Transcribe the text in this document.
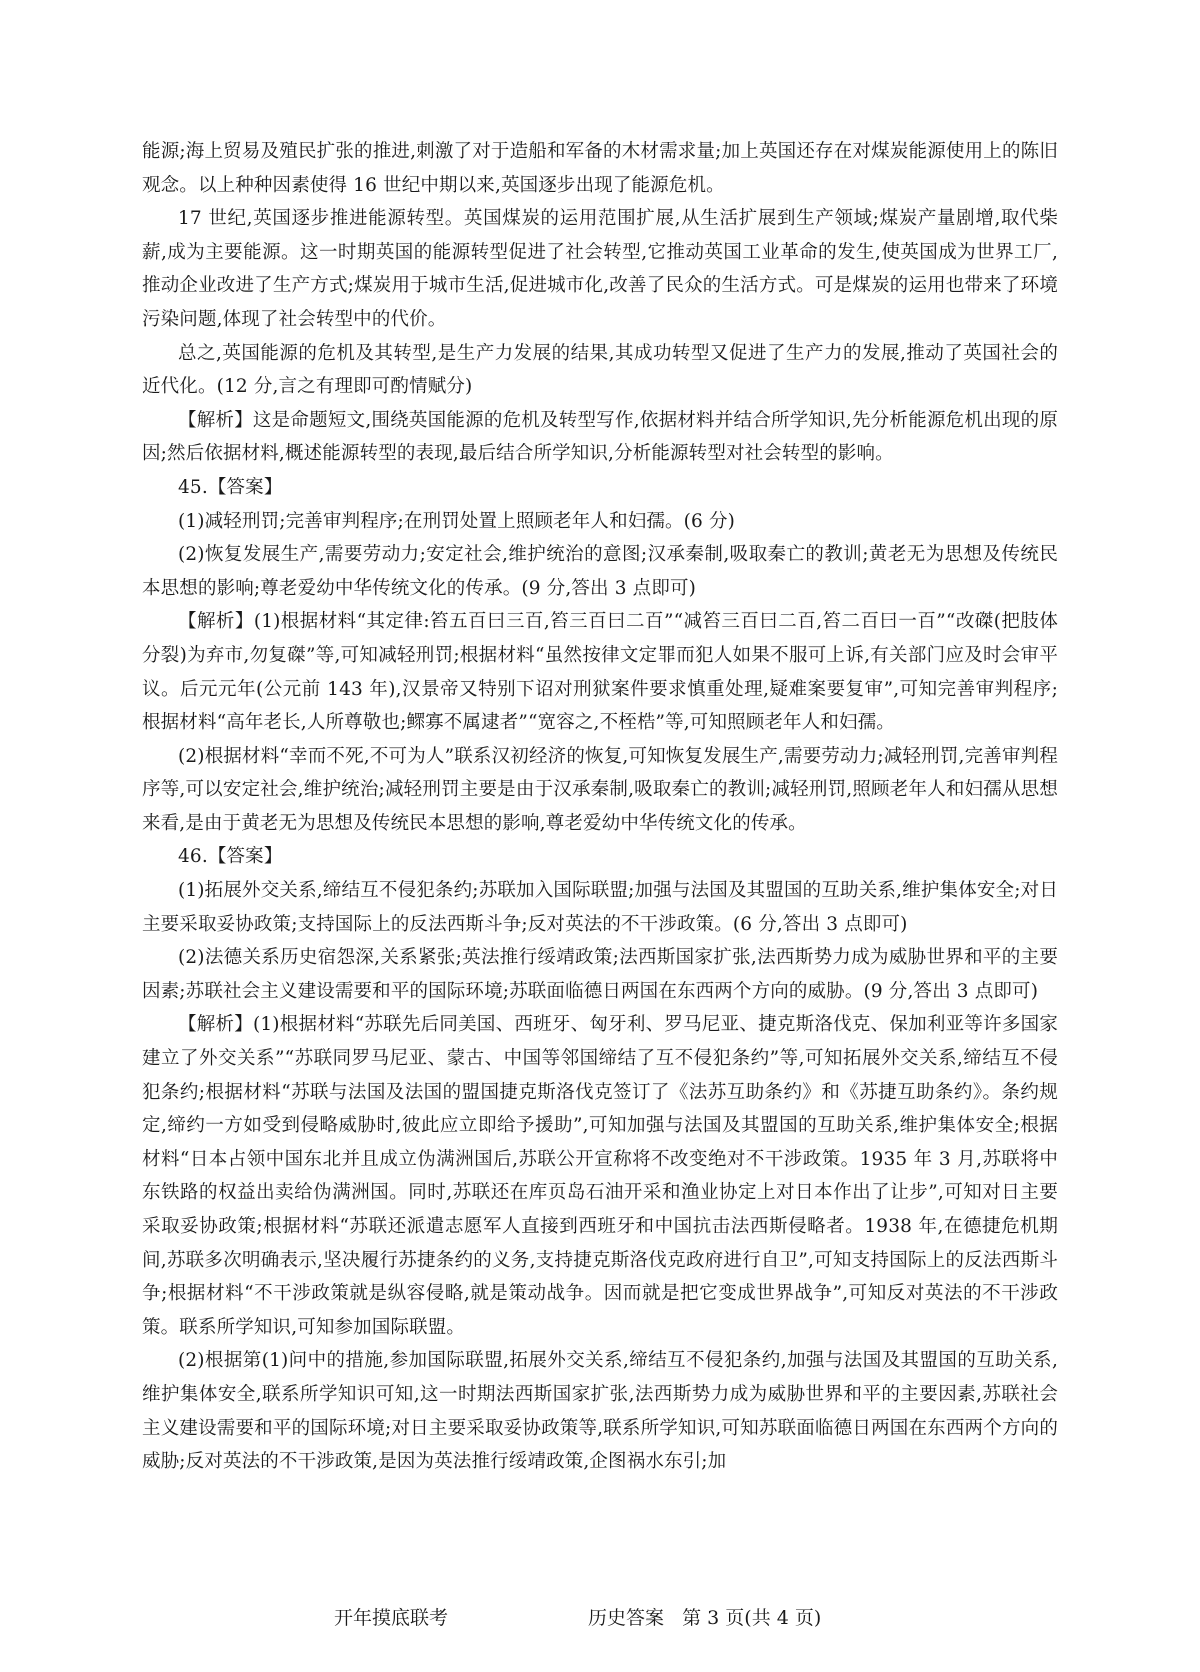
能源;海上贸易及殖民扩张的推进,刺激了对于造船和军备的木材需求量;加上英国还存在对煤炭能源使用上的陈旧观念。以上种种因素使得 16 世纪中期以来,英国逐步出现了能源危机。

17 世纪,英国逐步推进能源转型。英国煤炭的运用范围扩展,从生活扩展到生产领域;煤炭产量剧增,取代柴薪,成为主要能源。这一时期英国的能源转型促进了社会转型,它推动英国工业革命的发生,使英国成为世界工厂,推动企业改进了生产方式;煤炭用于城市生活,促进城市化,改善了民众的生活方式。可是煤炭的运用也带来了环境污染问题,体现了社会转型中的代价。

总之,英国能源的危机及其转型,是生产力发展的结果,其成功转型又促进了生产力的发展,推动了英国社会的近代化。(12 分,言之有理即可酌情赋分)

【解析】这是命题短文,围绕英国能源的危机及转型写作,依据材料并结合所学知识,先分析能源危机出现的原因;然后依据材料,概述能源转型的表现,最后结合所学知识,分析能源转型对社会转型的影响。

45.【答案】

(1)减轻刑罚;完善审判程序;在刑罚处置上照顾老年人和妇孺。(6 分)

(2)恢复发展生产,需要劳动力;安定社会,维护统治的意图;汉承秦制,吸取秦亡的教训;黄老无为思想及传统民本思想的影响;尊老爱幼中华传统文化的传承。(9 分,答出 3 点即可)

【解析】(1)根据材料“其定律:笞五百曰三百,笞三百曰二百”“减笞三百曰二百,笞二百曰一百”“改磔(把肢体分裂)为弃市,勿复磔”等,可知减轻刑罚;根据材料“虽然按律文定罪而犯人如果不服可上诉,有关部门应及时会审平议。后元元年(公元前 143 年),汉景帝又特别下诏对刑狱案件要求慎重处理,疑难案要复审”,可知完善审判程序;根据材料“高年老长,人所尊敬也;鳏寡不属逮者”“宽容之,不桎梏”等,可知照顾老年人和妇孺。

(2)根据材料“幸而不死,不可为人”联系汉初经济的恢复,可知恢复发展生产,需要劳动力;减轻刑罚,完善审判程序等,可以安定社会,维护统治;减轻刑罚主要是由于汉承秦制,吸取秦亡的教训;减轻刑罚,照顾老年人和妇孺从思想来看,是由于黄老无为思想及传统民本思想的影响,尊老爱幼中华传统文化的传承。

46.【答案】

(1)拓展外交关系,缔结互不侵犯条约;苏联加入国际联盟;加强与法国及其盟国的互助关系,维护集体安全;对日主要采取妥协政策;支持国际上的反法西斯斗争;反对英法的不干涉政策。(6 分,答出 3 点即可)

(2)法德关系历史宿怨深,关系紧张;英法推行绥靖政策;法西斯国家扩张,法西斯势力成为威胁世界和平的主要因素;苏联社会主义建设需要和平的国际环境;苏联面临德日两国在东西两个方向的威胁。(9 分,答出 3 点即可)

【解析】(1)根据材料“苏联先后同美国、西班牙、匈牙利、罗马尼亚、捷克斯洛伐克、保加利亚等许多国家建立了外交关系”“苏联同罗马尼亚、蒙古、中国等邻国缔结了互不侵犯条约”等,可知拓展外交关系,缔结互不侵犯条约;根据材料“苏联与法国及法国的盟国捷克斯洛伐克签订了《法苏互助条约》和《苏捷互助条约》。条约规定,缔约一方如受到侵略威胁时,彼此应立即给予援助”,可知加强与法国及其盟国的互助关系,维护集体安全;根据材料“日本占领中国东北并且成立伪满洲国后,苏联公开宣称将不改变绝对不干涉政策。1935 年 3 月,苏联将中东铁路的权益出卖给伪满洲国。同时,苏联还在库页岛石油开采和渔业协定上对日本作出了让步”,可知对日主要采取妥协政策;根据材料“苏联还派遣志愿军人直接到西班牙和中国抗击法西斯侵略者。1938 年,在德捷危机期间,苏联多次明确表示,坚决履行苏捷条约的义务,支持捷克斯洛伐克政府进行自卫”,可知支持国际上的反法西斯斗争;根据材料“不干涉政策就是纵容侵略,就是策动战争。因而就是把它变成世界战争”,可知反对英法的不干涉政策。联系所学知识,可知参加国际联盟。

(2)根据第(1)问中的措施,参加国际联盟,拓展外交关系,缔结互不侵犯条约,加强与法国及其盟国的互助关系,维护集体安全,联系所学知识可知,这一时期法西斯国家扩张,法西斯势力成为威胁世界和平的主要因素,苏联社会主义建设需要和平的国际环境;对日主要采取妥协政策等,联系所学知识,可知苏联面临德日两国在东西两个方向的威胁;反对英法的不干涉政策,是因为英法推行绥靖政策,企图祸水东引;加

开年摸底联考	历史答案   第 3 页(共 4 页)
